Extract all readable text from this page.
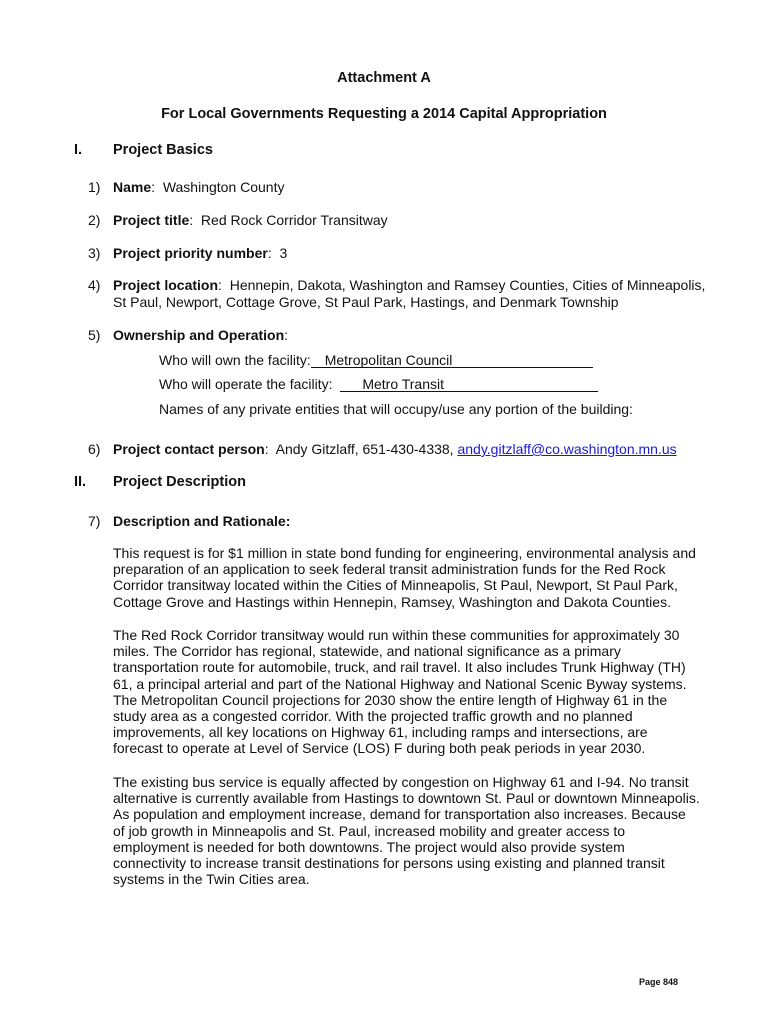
Attachment A
For Local Governments Requesting a 2014 Capital Appropriation
I. Project Basics
1) Name:  Washington County
2) Project title:  Red Rock Corridor Transitway
3) Project priority number:  3
4) Project location:  Hennepin, Dakota, Washington and Ramsey Counties, Cities of Minneapolis,
St Paul, Newport, Cottage Grove, St Paul Park, Hastings, and Denmark Township
5) Ownership and Operation:
Who will own the facility: Metropolitan Council
Who will operate the facility: Metro Transit
Names of any private entities that will occupy/use any portion of the building:
6) Project contact person:  Andy Gitzlaff, 651-430-4338, andy.gitzlaff@co.washington.mn.us
II. Project Description
7) Description and Rationale:
This request is for $1 million in state bond funding for engineering, environmental analysis and
preparation of an application to seek federal transit administration funds for the Red Rock
Corridor transitway located within the Cities of Minneapolis, St Paul, Newport, St Paul Park,
Cottage Grove and Hastings within Hennepin, Ramsey, Washington and Dakota Counties.
The Red Rock Corridor transitway would run within these communities for approximately 30
miles. The Corridor has regional, statewide, and national significance as a primary
transportation route for automobile, truck, and rail travel. It also includes Trunk Highway (TH)
61, a principal arterial and part of the National Highway and National Scenic Byway systems.
The Metropolitan Council projections for 2030 show the entire length of Highway 61 in the
study area as a congested corridor. With the projected traffic growth and no planned
improvements, all key locations on Highway 61, including ramps and intersections, are
forecast to operate at Level of Service (LOS) F during both peak periods in year 2030.
The existing bus service is equally affected by congestion on Highway 61 and I-94. No transit
alternative is currently available from Hastings to downtown St. Paul or downtown Minneapolis.
As population and employment increase, demand for transportation also increases. Because
of job growth in Minneapolis and St. Paul, increased mobility and greater access to
employment is needed for both downtowns. The project would also provide system
connectivity to increase transit destinations for persons using existing and planned transit
systems in the Twin Cities area.
Page 848
